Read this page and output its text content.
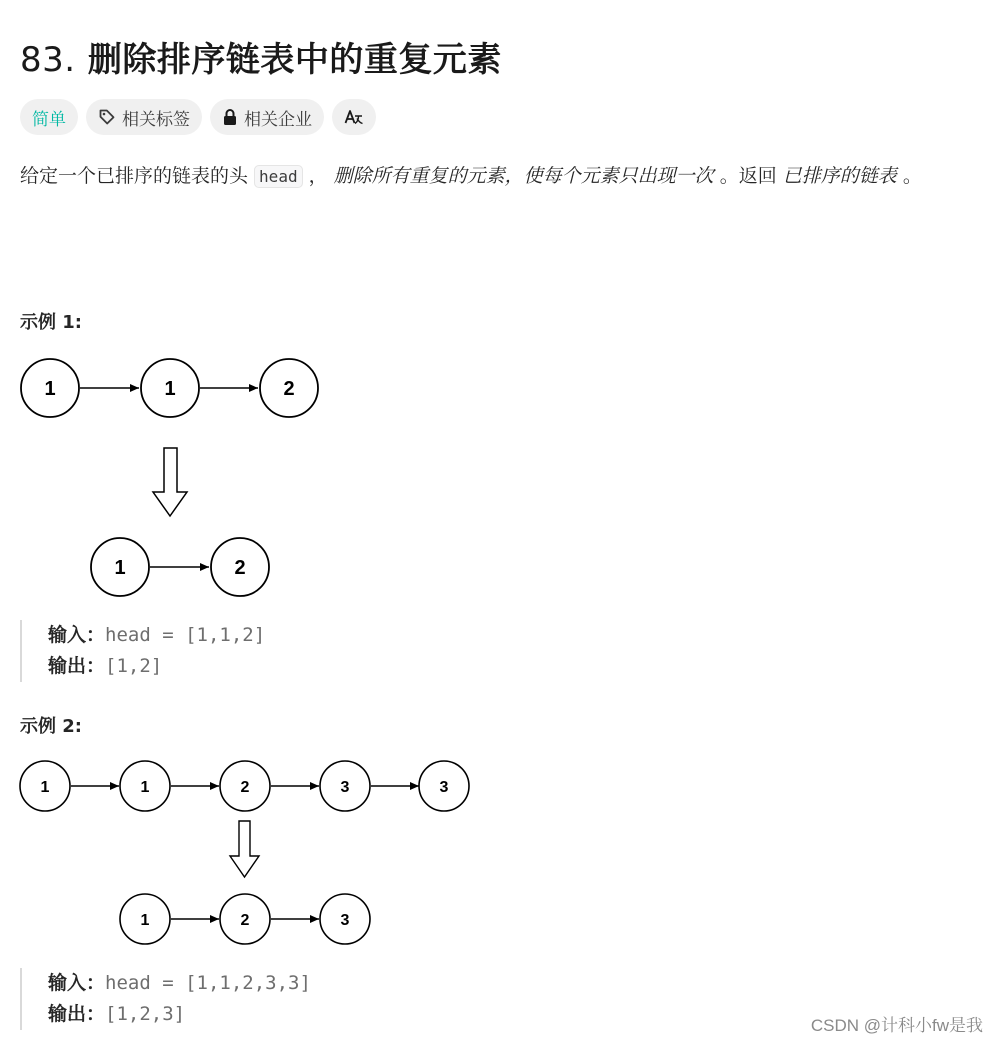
83. 删除排序链表中的重复元素
简单	相关标签	相关企业
给定一个已排序的链表的头 head ， 删除所有重复的元素，使每个元素只出现一次 。返回 已排序的链表 。
示例 1:
1	1	2
1	2
1	1	2	3	3
1	2	3
输入：head = [1,1,2]
输出：[1,2]
示例 2:
输入：head = [1,1,2,3,3]
输出：[1,2,3]
CSDN @计科小fw是我
